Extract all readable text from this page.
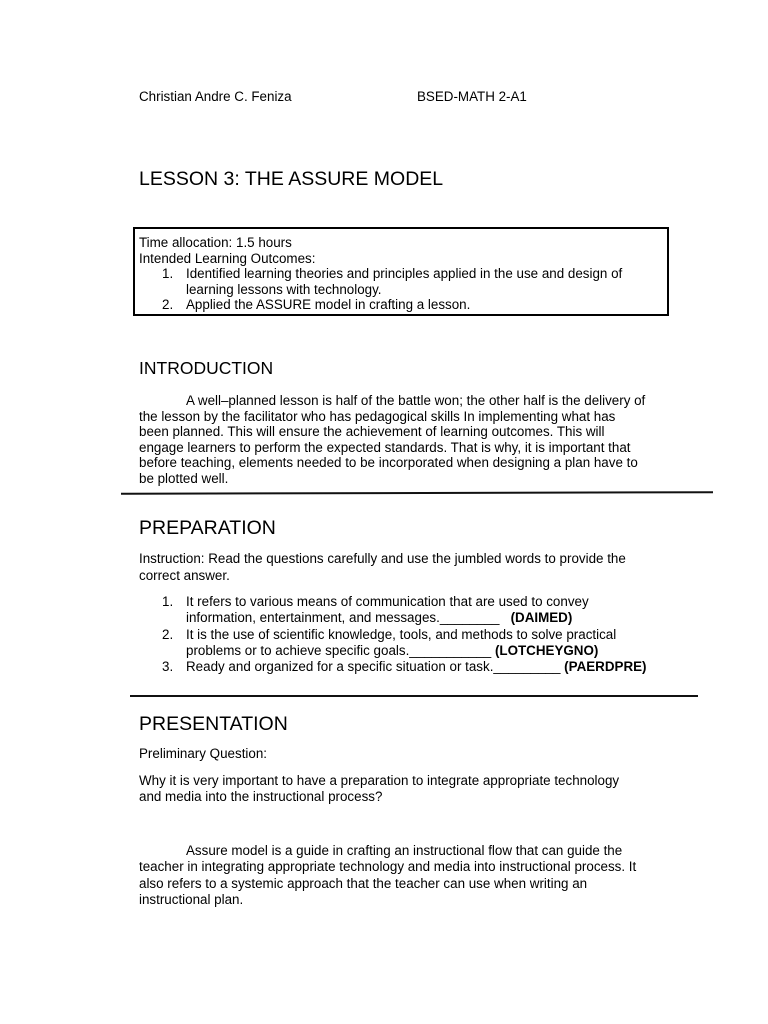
Christian Andre C. Feniza	BSED-MATH 2-A1
LESSON 3: THE ASSURE MODEL
Time allocation: 1.5 hours
Intended Learning Outcomes:
1. Identified learning theories and principles applied in the use and design of
learning lessons with technology.
2. Applied the ASSURE model in crafting a lesson.
INTRODUCTION
A well–planned lesson is half of the battle won; the other half is the delivery of
the lesson by the facilitator who has pedagogical skills In implementing what has
been planned. This will ensure the achievement of learning outcomes. This will
engage learners to perform the expected standards. That is why, it is important that
before teaching, elements needed to be incorporated when designing a plan have to
be plotted well.
PREPARATION
Instruction: Read the questions carefully and use the jumbled words to provide the
correct answer.
1. It refers to various means of communication that are used to convey
information, entertainment, and messages.________ (DAIMED)
2. It is the use of scientific knowledge, tools, and methods to solve practical
problems or to achieve specific goals.___________ (LOTCHEYGNO)
3. Ready and organized for a specific situation or task._________ (PAERDPRE)
PRESENTATION
Preliminary Question:
Why it is very important to have a preparation to integrate appropriate technology
and media into the instructional process?
Assure model is a guide in crafting an instructional flow that can guide the
teacher in integrating appropriate technology and media into instructional process. It
also refers to a systemic approach that the teacher can use when writing an
instructional plan.
